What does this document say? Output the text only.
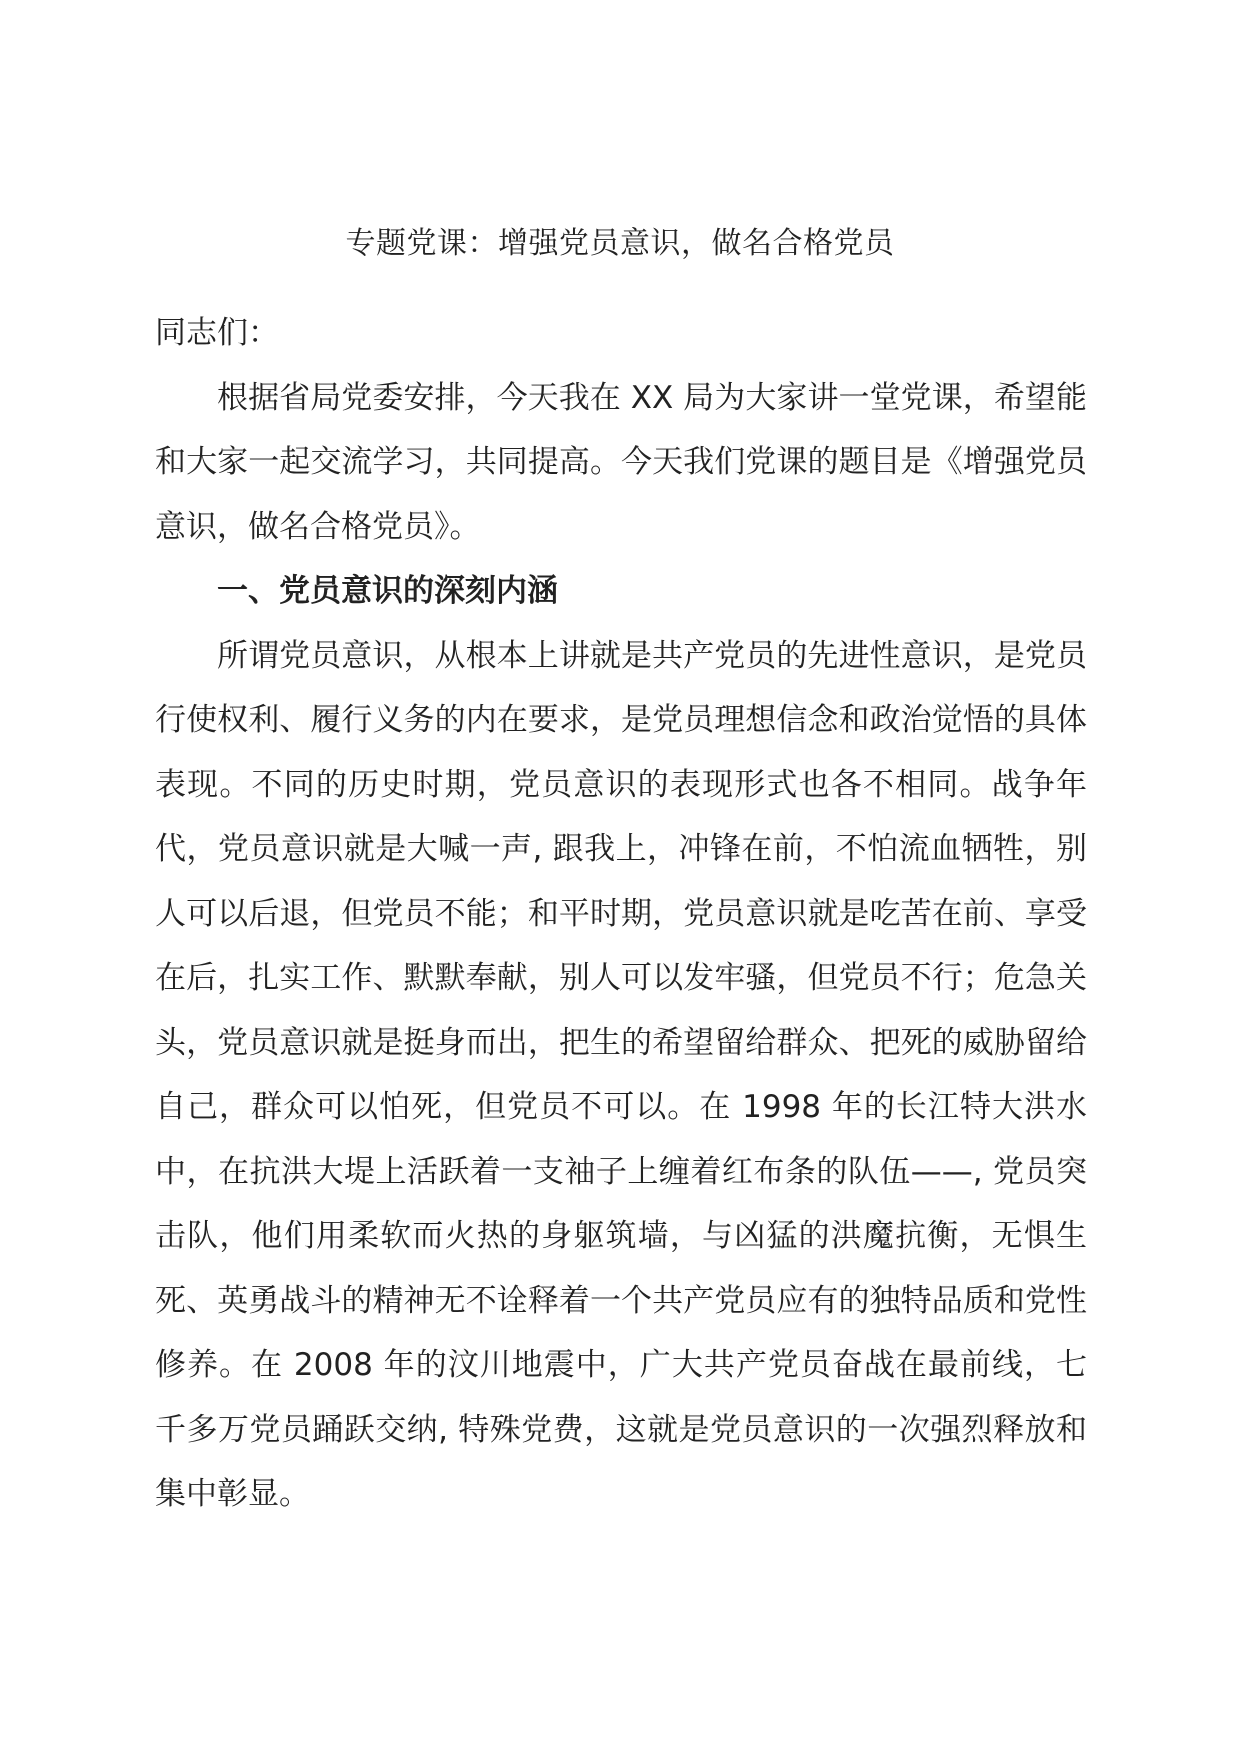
专题党课：增强党员意识，做名合格党员

同志们：

根据省局党委安排，今天我在 XX 局为大家讲一堂党课，希望能和大家一起交流学习，共同提高。今天我们党课的题目是《增强党员意识，做名合格党员》。

一、党员意识的深刻内涵

所谓党员意识，从根本上讲就是共产党员的先进性意识，是党员行使权利、履行义务的内在要求，是党员理想信念和政治觉悟的具体表现。不同的历史时期，党员意识的表现形式也各不相同。战争年代，党员意识就是大喊一声, 跟我上，冲锋在前，不怕流血牺牲，别人可以后退，但党员不能；和平时期，党员意识就是吃苦在前、享受在后，扎实工作、默默奉献，别人可以发牢骚，但党员不行；危急关头，党员意识就是挺身而出，把生的希望留给群众、把死的威胁留给自己，群众可以怕死，但党员不可以。在 1998 年的长江特大洪水中，在抗洪大堤上活跃着一支袖子上缠着红布条的队伍——, 党员突击队，他们用柔软而火热的身躯筑墙，与凶猛的洪魔抗衡，无惧生死、英勇战斗的精神无不诠释着一个共产党员应有的独特品质和党性修养。在 2008 年的汶川地震中，广大共产党员奋战在最前线，七千多万党员踊跃交纳, 特殊党费，这就是党员意识的一次强烈释放和集中彰显。
